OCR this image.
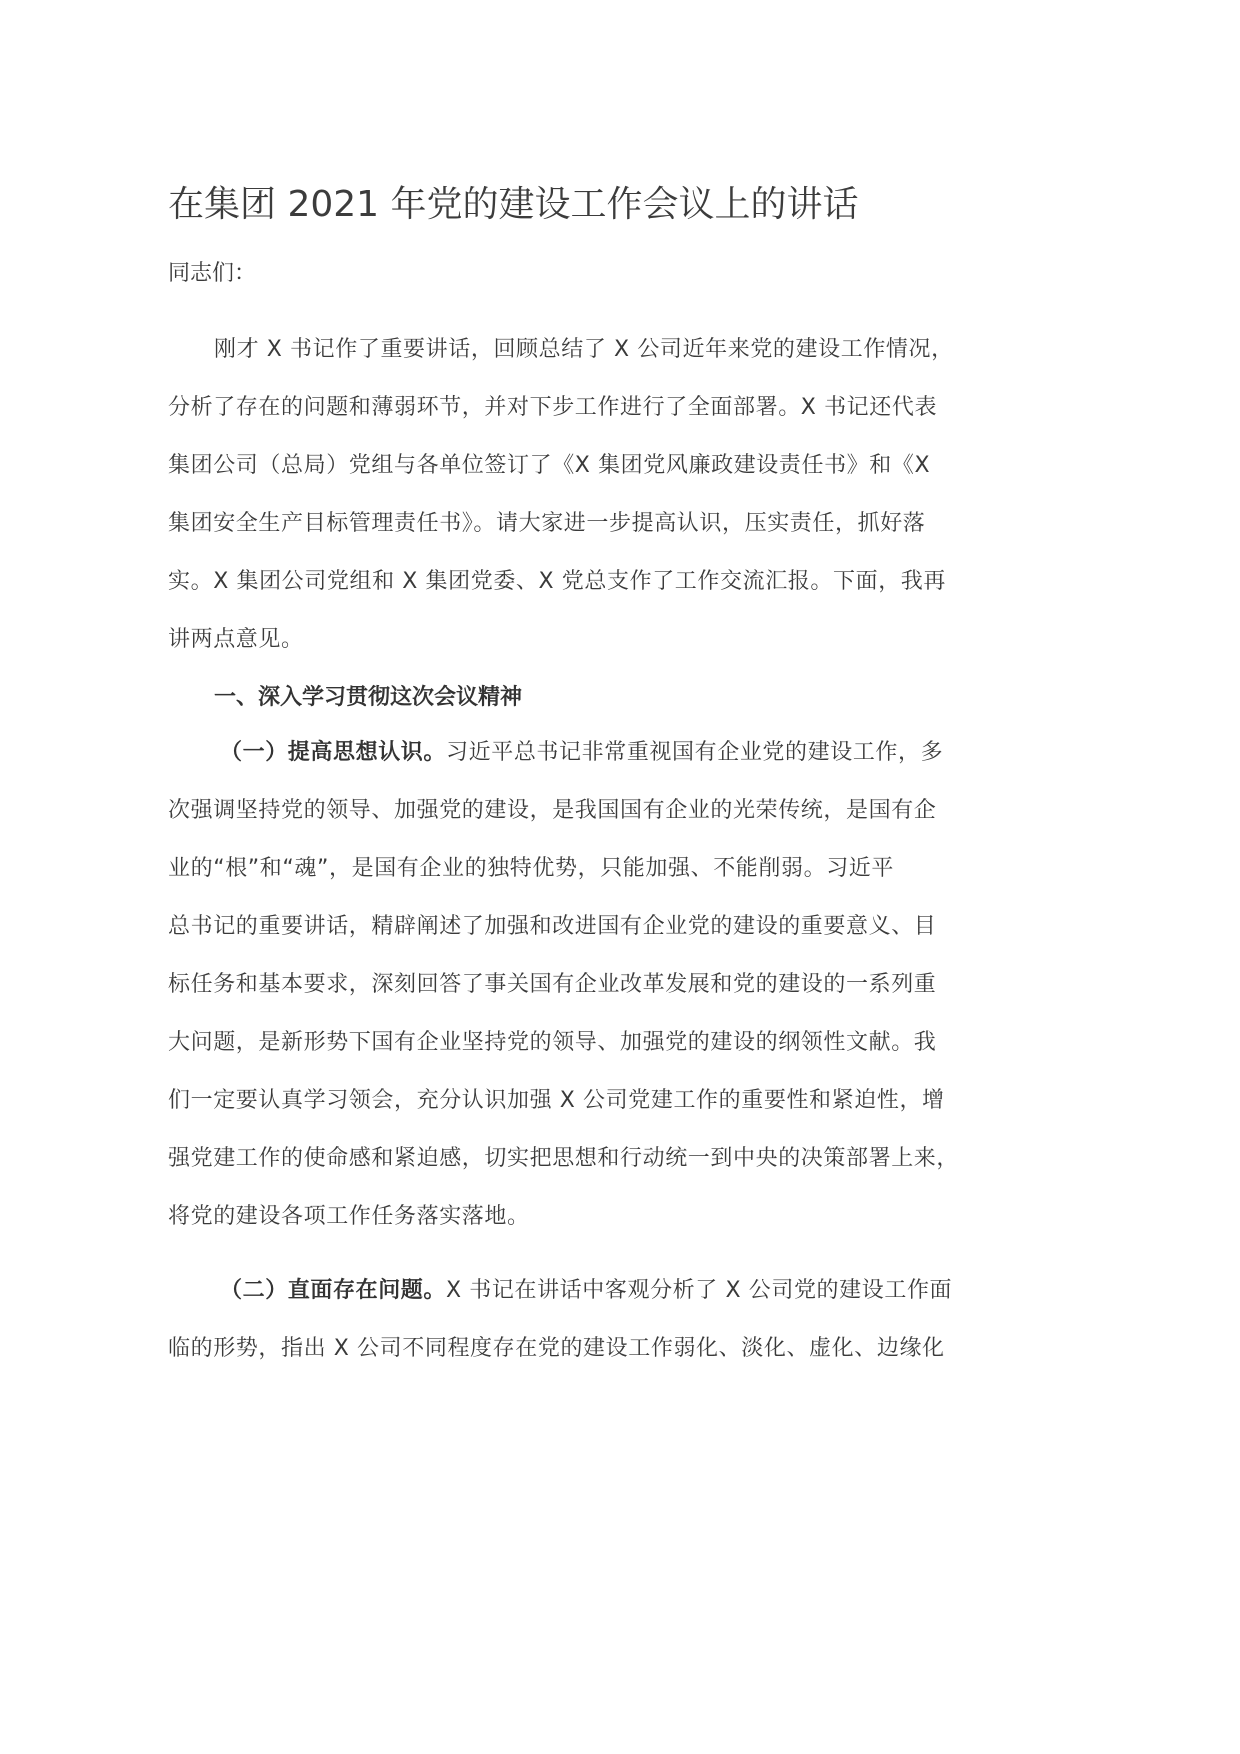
在集团 2021 年党的建设工作会议上的讲话

同志们：

刚才 X 书记作了重要讲话，回顾总结了 X 公司近年来党的建设工作情况，
分析了存在的问题和薄弱环节，并对下步工作进行了全面部署。X 书记还代表
集团公司（总局）党组与各单位签订了《X 集团党风廉政建设责任书》和《X
集团安全生产目标管理责任书》。请大家进一步提高认识，压实责任，抓好落
实。X 集团公司党组和 X 集团党委、X 党总支作了工作交流汇报。下面，我再
讲两点意见。

一、深入学习贯彻这次会议精神

（一）提高思想认识。习近平总书记非常重视国有企业党的建设工作，多
次强调坚持党的领导、加强党的建设，是我国国有企业的光荣传统，是国有企
业的“根”和“魂”，是国有企业的独特优势，只能加强、不能削弱。习近平
总书记的重要讲话，精辟阐述了加强和改进国有企业党的建设的重要意义、目
标任务和基本要求，深刻回答了事关国有企业改革发展和党的建设的一系列重
大问题，是新形势下国有企业坚持党的领导、加强党的建设的纲领性文献。我
们一定要认真学习领会，充分认识加强 X 公司党建工作的重要性和紧迫性，增
强党建工作的使命感和紧迫感，切实把思想和行动统一到中央的决策部署上来，
将党的建设各项工作任务落实落地。
（二）直面存在问题。X 书记在讲话中客观分析了 X 公司党的建设工作面
临的形势，指出 X 公司不同程度存在党的建设工作弱化、淡化、虚化、边缘化
